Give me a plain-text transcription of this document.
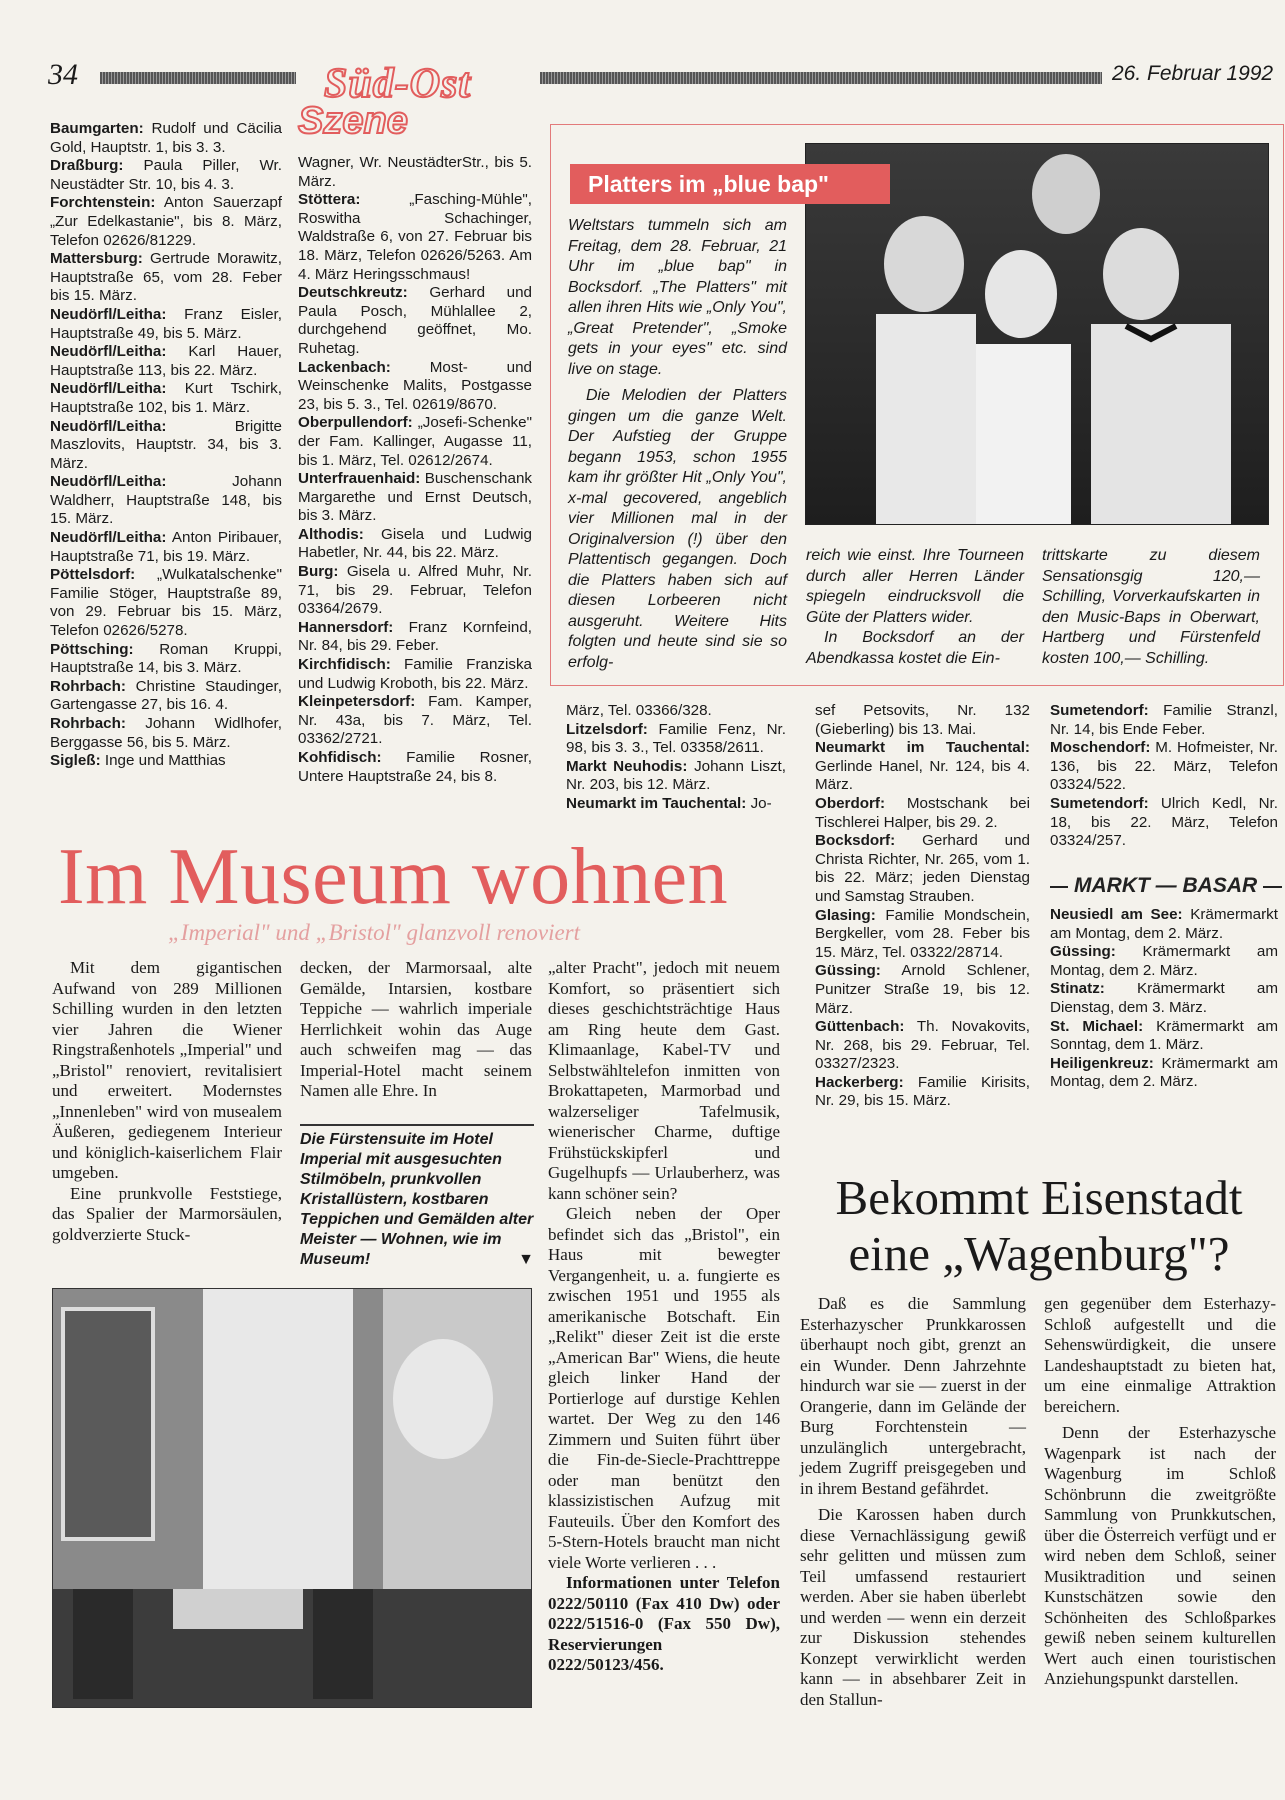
34	Süd-Ost
Szene
26. Februar 1992

Baumgarten: Rudolf und Cäcilia Gold, Hauptstr. 1, bis 3. 3.

Draßburg: Paula Piller, Wr. Neustädter Str. 10, bis 4. 3.

Forchtenstein: Anton Sauerzapf „Zur Edelkastanie", bis 8. März, Telefon 02626/81229.

Mattersburg: Gertrude Morawitz, Hauptstraße 65, vom 28. Feber bis 15. März.

Neudörfl/Leitha: Franz Eisler, Hauptstraße 49, bis 5. März.

Neudörfl/Leitha: Karl Hauer, Hauptstraße 113, bis 22. März.

Neudörfl/Leitha: Kurt Tschirk, Hauptstraße 102, bis 1. März.

Neudörfl/Leitha:	Brigitte Maszlovits, Hauptstr. 34, bis 3. März.

Neudörfl/Leitha:	Johann Waldherr, Hauptstraße 148, bis 15. März.

Neudörfl/Leitha: Anton Piribauer, Hauptstraße 71, bis 19. März.

Pöttelsdorf: „Wulkatalschenke" Familie Stöger, Hauptstraße 89, von 29. Februar bis 15. März, Telefon 02626/5278.

Pöttsching: Roman Kruppi, Hauptstraße 14, bis 3. März.

Rohrbach: Christine Staudinger, Gartengasse 27, bis 16. 4.

Rohrbach: Johann Widlhofer, Berggasse 56, bis 5. März.

Sigleß: Inge und Matthias

Wagner, Wr. NeustädterStr., bis 5. März.

Stöttera:	„Fasching-Mühle", Roswitha Schachinger, Waldstraße 6, von 27. Februar bis 18. März, Telefon 02626/5263. Am 4. März Heringsschmaus!

Deutschkreutz: Gerhard und Paula Posch, Mühlallee 2, durchgehend geöffnet, Mo. Ruhetag.

Lackenbach:	Most- und Weinschenke Malits, Postgasse 23, bis 5. 3., Tel. 02619/8670.

Oberpullendorf: „Josefi-Schenke" der Fam. Kallinger, Augasse 11, bis 1. März, Tel. 02612/2674.

Unterfrauenhaid: Buschenschank Margarethe und Ernst Deutsch, bis 3. März.

Althodis: Gisela und Ludwig Habetler, Nr. 44, bis 22. März.

Burg: Gisela u. Alfred Muhr, Nr. 71, bis 29. Februar, Telefon 03364/2679.

Hannersdorf: Franz Kornfeind, Nr. 84, bis 29. Feber.

Kirchfidisch: Familie Franziska und Ludwig Kroboth, bis 22. März.

Kleinpetersdorf: Fam. Kamper, Nr. 43a, bis 7. März, Tel. 03362/2721.

Kohfidisch: Familie Rosner, Untere Hauptstraße 24, bis 8.

Platters im „blue bap"

Weltstars tummeln sich am Freitag, dem 28. Februar, 21 Uhr im „blue bap" in Bocksdorf. „The Platters" mit allen ihren Hits wie „Only You", „Great Pretender", „Smoke gets in your eyes" etc. sind live on stage.

Die Melodien der Platters gingen um die ganze Welt. Der Aufstieg der Gruppe begann 1953, schon 1955 kam ihr größter Hit „Only You", x-mal gecovered, angeblich vier Millionen mal in der Originalversion (!) über den Plattentisch gegangen. Doch die Platters haben sich auf diesen Lorbeeren nicht ausgeruht. Weitere Hits folgten und heute sind sie so erfolg-

reich wie einst. Ihre Tourneen durch aller Herren Länder spiegeln eindrucksvoll die Güte der Platters wider.

In Bocksdorf an der Abendkassa kostet die Ein-

trittskarte zu diesem Sensationsgig 120,— Schilling, Vorverkaufskarten in den Music-Baps in Oberwart, Hartberg und Fürstenfeld kosten 100,— Schilling.

März, Tel. 03366/328.

Litzelsdorf: Familie Fenz, Nr. 98, bis 3. 3., Tel. 03358/2611.

Markt Neuhodis: Johann Liszt, Nr. 203, bis 12. März.

Neumarkt im Tauchental: Jo-

sef Petsovits, Nr. 132 (Gieberling) bis 13. Mai.

Neumarkt im Tauchental: Gerlinde Hanel, Nr. 124, bis 4. März.

Oberdorf: Mostschank bei Tischlerei Halper, bis 29. 2.

Bocksdorf: Gerhard und Christa Richter, Nr. 265, vom 1. bis 22. März; jeden Dienstag und Samstag Strauben.

Glasing: Familie Mondschein, Bergkeller, vom 28. Feber bis 15. März, Tel. 03322/28714.

Güssing: Arnold Schlener, Punitzer Straße 19, bis 12. März.

Güttenbach: Th. Novakovits, Nr. 268, bis 29. Februar, Tel. 03327/2323.

Hackerberg: Familie Kirisits, Nr. 29, bis 15. März.

Sumetendorf: Familie Stranzl, Nr. 14, bis Ende Feber.

Moschendorf: M. Hofmeister, Nr. 136, bis 22. März, Telefon 03324/522.

Sumetendorf: Ulrich Kedl, Nr. 18, bis 22. März, Telefon 03324/257.

MARKT — BASAR

Neusiedl am See: Krämermarkt am Montag, dem 2. März.

Güssing: Krämermarkt am Montag, dem 2. März.

Stinatz: Krämermarkt am Dienstag, dem 3. März.

St. Michael: Krämermarkt am Sonntag, dem 1. März.

Heiligenkreuz: Krämermarkt am Montag, dem 2. März.

Im Museum wohnen
„Imperial" und „Bristol" glanzvoll renoviert

Mit dem gigantischen Aufwand von 289 Millionen Schilling wurden in den letzten vier Jahren die Wiener Ringstraßenhotels „Imperial" und „Bristol" renoviert, revitalisiert und erweitert. Modernstes „Innenleben" wird von musealem Äußeren, gediegenem Interieur und königlich-kaiserlichem Flair umgeben.

Eine prunkvolle Feststiege, das Spalier der Marmorsäulen, goldverzierte Stuck-

decken, der Marmorsaal, alte Gemälde, Intarsien, kostbare Teppiche — wahrlich imperiale Herrlichkeit wohin das Auge auch schweifen mag — das Imperial-Hotel macht seinem Namen alle Ehre. In

Die Fürstensuite im Hotel Imperial mit ausgesuchten Stilmöbeln, prunkvollen Kristallüstern, kostbaren Teppichen und Gemälden alter Meister — Wohnen, wie im Museum!	▼

„alter Pracht", jedoch mit neuem Komfort, so präsentiert sich dieses geschichtsträchtige Haus am Ring heute dem Gast. Klimaanlage, Kabel-TV und Selbstwähltelefon inmitten von Brokattapeten, Marmorbad und walzerseliger Tafelmusik, wienerischer Charme, duftige Frühstückskipferl und Gugelhupfs — Urlauberherz, was kann schöner sein?

Gleich neben der Oper befindet sich das „Bristol", ein Haus mit bewegter Vergangenheit, u. a. fungierte es zwischen 1951 und 1955 als amerikanische Botschaft. Ein „Relikt" dieser Zeit ist die erste „American Bar" Wiens, die heute gleich linker Hand der Portierloge auf durstige Kehlen wartet. Der Weg zu den 146 Zimmern und Suiten führt über die Fin-de-Siecle-Prachttreppe oder man benützt den klassizistischen Aufzug mit Fauteuils. Über den Komfort des 5-Stern-Hotels braucht man nicht viele Worte verlieren . . .

Informationen unter Telefon 0222/50110 (Fax 410 Dw) oder 0222/51516-0 (Fax 550 Dw), Reservierungen 0222/50123/456.

Bekommt Eisenstadt
eine „Wagenburg"?

Daß es die Sammlung Esterhazyscher Prunkkarossen überhaupt noch gibt, grenzt an ein Wunder. Denn Jahrzehnte hindurch war sie — zuerst in der Orangerie, dann im Gelände der Burg Forchtenstein — unzulänglich untergebracht, jedem Zugriff preisgegeben und in ihrem Bestand gefährdet.

Die Karossen haben durch diese Vernachlässigung gewiß sehr gelitten und müssen zum Teil umfassend restauriert werden. Aber sie haben überlebt und werden — wenn ein derzeit zur Diskussion stehendes Konzept verwirklicht werden kann — in absehbarer Zeit in den Stallun-

gen gegenüber dem Esterhazy-Schloß aufgestellt und die Sehenswürdigkeit, die unsere Landeshauptstadt zu bieten hat, um eine einmalige Attraktion bereichern.

Denn der Esterhazysche Wagenpark ist nach der Wagenburg im Schloß Schönbrunn die zweitgrößte Sammlung von Prunkkutschen, über die Österreich verfügt und er wird neben dem Schloß, seiner Musiktradition und seinen Kunstschätzen sowie den Schönheiten des Schloßparkes gewiß neben seinem kulturellen Wert auch einen touristischen Anziehungspunkt darstellen.
